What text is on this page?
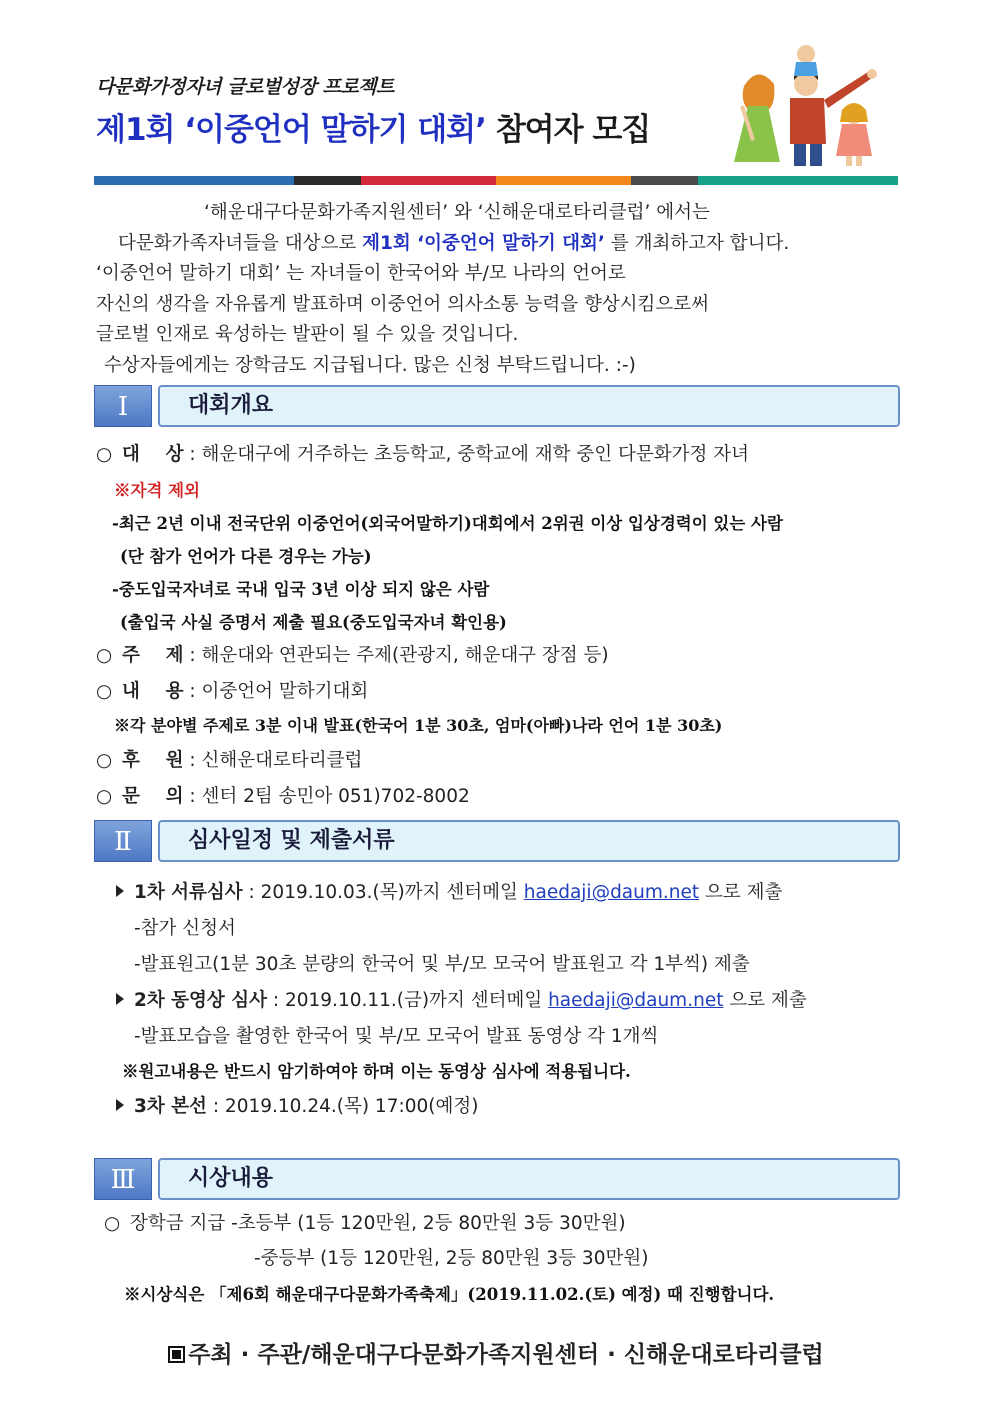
다문화가정자녀 글로벌성장 프로젝트
제1회 ‘이중언어 말하기 대회’ 참여자 모집
‘해운대구다문화가족지원센터’ 와 ‘신해운대로타리클럽’ 에서는
다문화가족자녀들을 대상으로 제1회 ‘이중언어 말하기 대회’ 를 개최하고자 합니다.
‘이중언어 말하기 대회’ 는 자녀들이 한국어와 부/모 나라의 언어로
자신의 생각을 자유롭게 발표하며 이중언어 의사소통 능력을 향상시킴으로써
글로벌 인재로 육성하는 발판이 될 수 있을 것입니다.
수상자들에게는 장학금도 지급됩니다. 많은 신청 부탁드립니다. :-)
Ⅰ	대회개요
○ 대    상 : 해운대구에 거주하는 초등학교, 중학교에 재학 중인 다문화가정 자녀
※자격 제외
-최근 2년 이내 전국단위 이중언어(외국어말하기)대회에서 2위권 이상 입상경력이 있는 사람
(단 참가 언어가 다른 경우는 가능)
-중도입국자녀로 국내 입국 3년 이상 되지 않은 사람
(출입국 사실 증명서 제출 필요(중도입국자녀 확인용)
○ 주    제 : 해운대와 연관되는 주제(관광지, 해운대구 장점 등)
○ 내    용 : 이중언어 말하기대회
※각 분야별 주제로 3분 이내 발표(한국어 1분 30초, 엄마(아빠)나라 언어 1분 30초)
○ 후    원 : 신해운대로타리클럽
○ 문    의 : 센터 2팀 송민아 051)702-8002
Ⅱ	심사일정 및 제출서류
1차 서류심사 : 2019.10.03.(목)까지 센터메일 haedaji@daum.net 으로 제출
-참가 신청서
-발표원고(1분 30초 분량의 한국어 및 부/모 모국어 발표원고 각 1부씩) 제출
2차 동영상 심사 : 2019.10.11.(금)까지 센터메일 haedaji@daum.net 으로 제출
-발표모습을 촬영한 한국어 및 부/모 모국어 발표 동영상 각 1개씩
※원고내용은 반드시 암기하여야 하며 이는 동영상 심사에 적용됩니다.
3차 본선 : 2019.10.24.(목) 17:00(예정)
Ⅲ	시상내용
○ 장학금 지급 -초등부 (1등 120만원, 2등 80만원 3등 30만원)
-중등부 (1등 120만원, 2등 80만원 3등 30만원)
※시상식은 「제6회 해운대구다문화가족축제」(2019.11.02.(토) 예정) 때 진행합니다.
주최 · 주관/해운대구다문화가족지원센터 · 신해운대로타리클럽
